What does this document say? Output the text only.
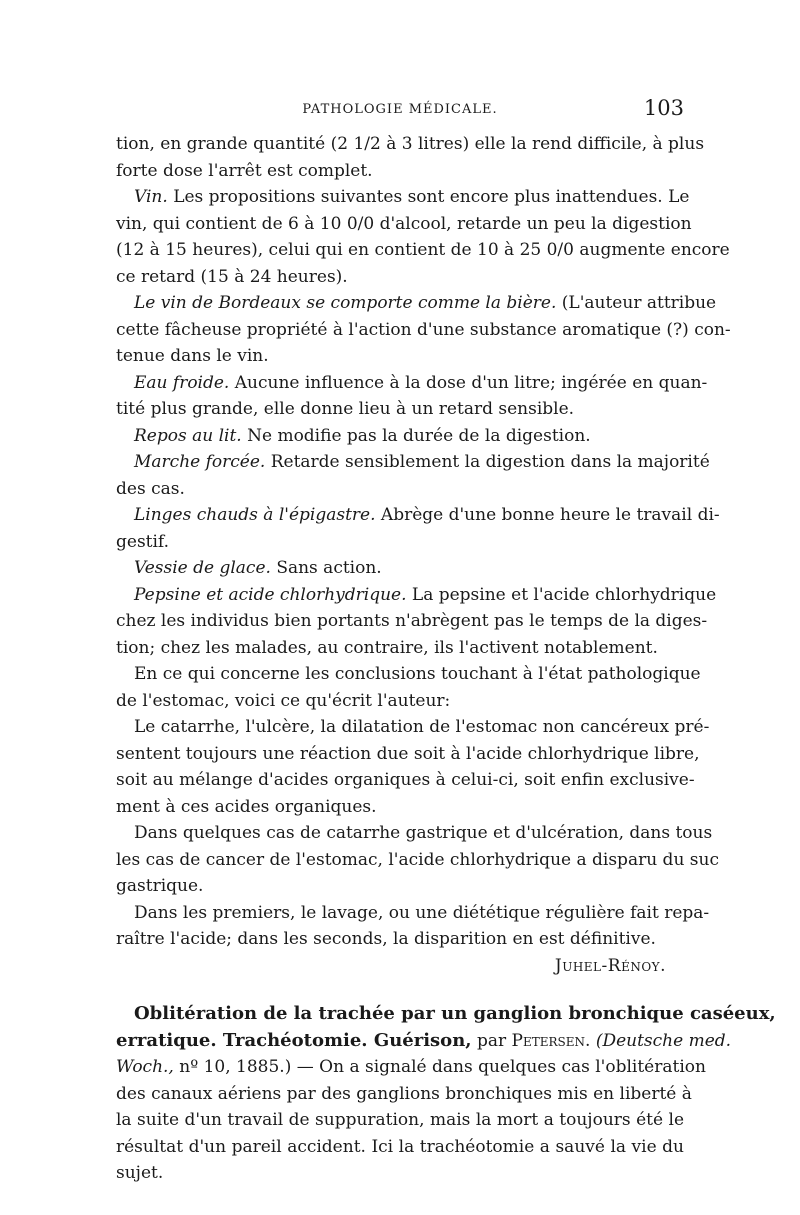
PATHOLOGIE MÉDICALE.	103
tion, en grande quantité (2 1/2 à 3 litres) elle la rend difficile, à plus
forte dose l'arrêt est complet.
Vin. Les propositions suivantes sont encore plus inattendues. Le
vin, qui contient de 6 à 10 0/0 d'alcool, retarde un peu la digestion
(12 à 15 heures), celui qui en contient de 10 à 25 0/0 augmente encore
ce retard (15 à 24 heures).
Le vin de Bordeaux se comporte comme la bière. (L'auteur attribue
cette fâcheuse propriété à l'action d'une substance aromatique (?) con-
tenue dans le vin.
Eau froide. Aucune influence à la dose d'un litre; ingérée en quan-
tité plus grande, elle donne lieu à un retard sensible.
Repos au lit. Ne modifie pas la durée de la digestion.
Marche forcée. Retarde sensiblement la digestion dans la majorité
des cas.
Linges chauds à l'épigastre. Abrège d'une bonne heure le travail di-
gestif.
Vessie de glace. Sans action.
Pepsine et acide chlorhydrique. La pepsine et l'acide chlorhydrique
chez les individus bien portants n'abrègent pas le temps de la diges-
tion; chez les malades, au contraire, ils l'activent notablement.
En ce qui concerne les conclusions touchant à l'état pathologique
de l'estomac, voici ce qu'écrit l'auteur:
Le catarrhe, l'ulcère, la dilatation de l'estomac non cancéreux pré-
sentent toujours une réaction due soit à l'acide chlorhydrique libre,
soit au mélange d'acides organiques à celui-ci, soit enfin exclusive-
ment à ces acides organiques.
Dans quelques cas de catarrhe gastrique et d'ulcération, dans tous
les cas de cancer de l'estomac, l'acide chlorhydrique a disparu du suc
gastrique.
Dans les premiers, le lavage, ou une diététique régulière fait repa-
raître l'acide; dans les seconds, la disparition en est définitive.
Juhel-Rénoy.
Oblitération de la trachée par un ganglion bronchique caséeux,
erratique. Trachéotomie. Guérison, par Petersen. (Deutsche med.
Woch., nº 10, 1885.) — On a signalé dans quelques cas l'oblitération
des canaux aériens par des ganglions bronchiques mis en liberté à
la suite d'un travail de suppuration, mais la mort a toujours été le
résultat d'un pareil accident. Ici la trachéotomie a sauvé la vie du
sujet.
